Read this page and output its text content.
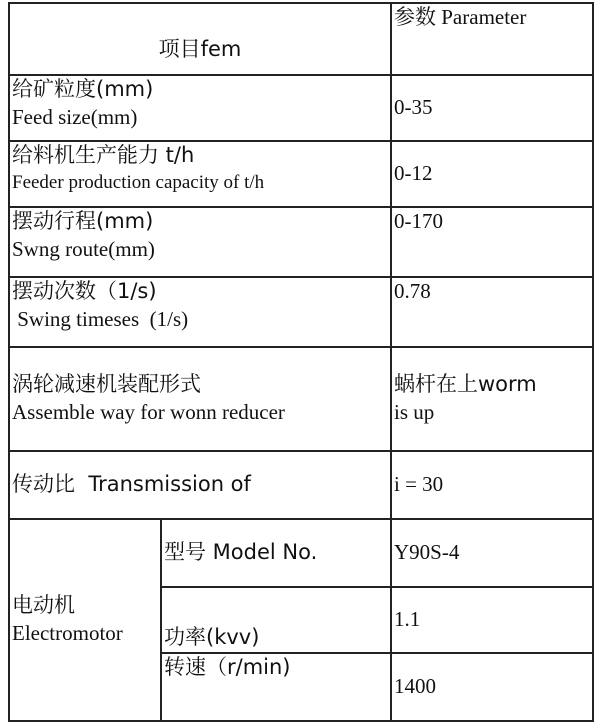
项目fem		参数 Parameter

给矿粒度(mm)
Feed size(mm)		0-35

给料机生产能力 t/h
Feeder production capacity of t/h		0-12

摆动行程(mm)
Swng route(mm)		0-170

摆动次数（1/s)
Swing timeses  (1/s)		0.78

涡轮减速机装配形式
Assemble way for wonn reducer		蜗杆在上worm
is up

传动比  Transmission of		i = 30

电动机
Electromotor	型号 Model No.	Y90S-4

	功率(kvv)	1.1

	转速（r/min)	1400
